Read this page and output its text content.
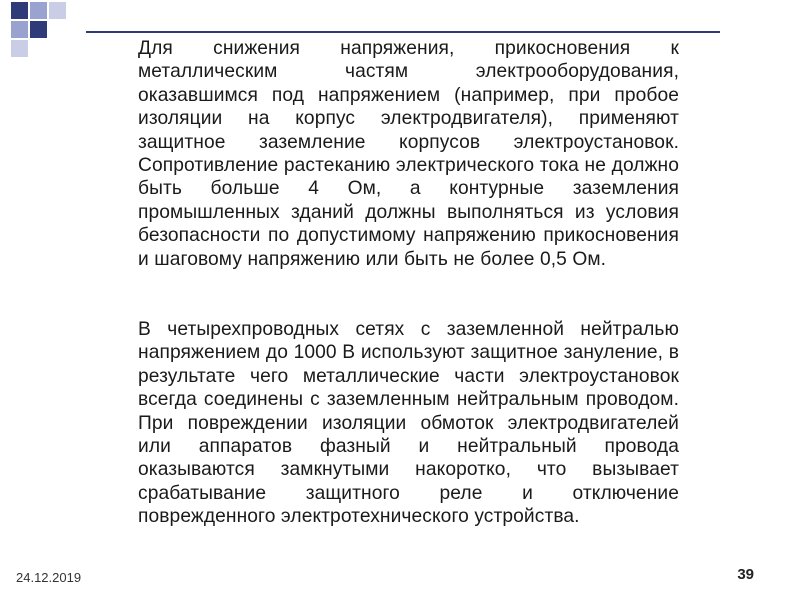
Для снижения напряжения, прикосновения к металлическим частям электрооборудования, оказавшимся под напряжением (например, при пробое изоляции на корпус электродвигателя), применяют защитное заземление корпусов электроустановок. Сопротивление растеканию электрического тока не должно быть больше 4 Ом, а контурные заземления промышленных зданий должны выполняться из условия безопасности по допустимому напряжению прикосновения и шаговому напряжению или быть не более 0,5 Ом.
В четырехпроводных сетях с заземленной нейтралью напряжением до 1000 В используют защитное зануление, в результате чего металлические части электроустановок всегда соединены с заземленным нейтральным проводом. При повреждении изоляции обмоток электродвигателей или аппаратов фазный и нейтральный провода оказываются замкнутыми накоротко, что вызывает срабатывание защитного реле и отключение поврежденного электротехнического устройства.
24.12.2019	39
